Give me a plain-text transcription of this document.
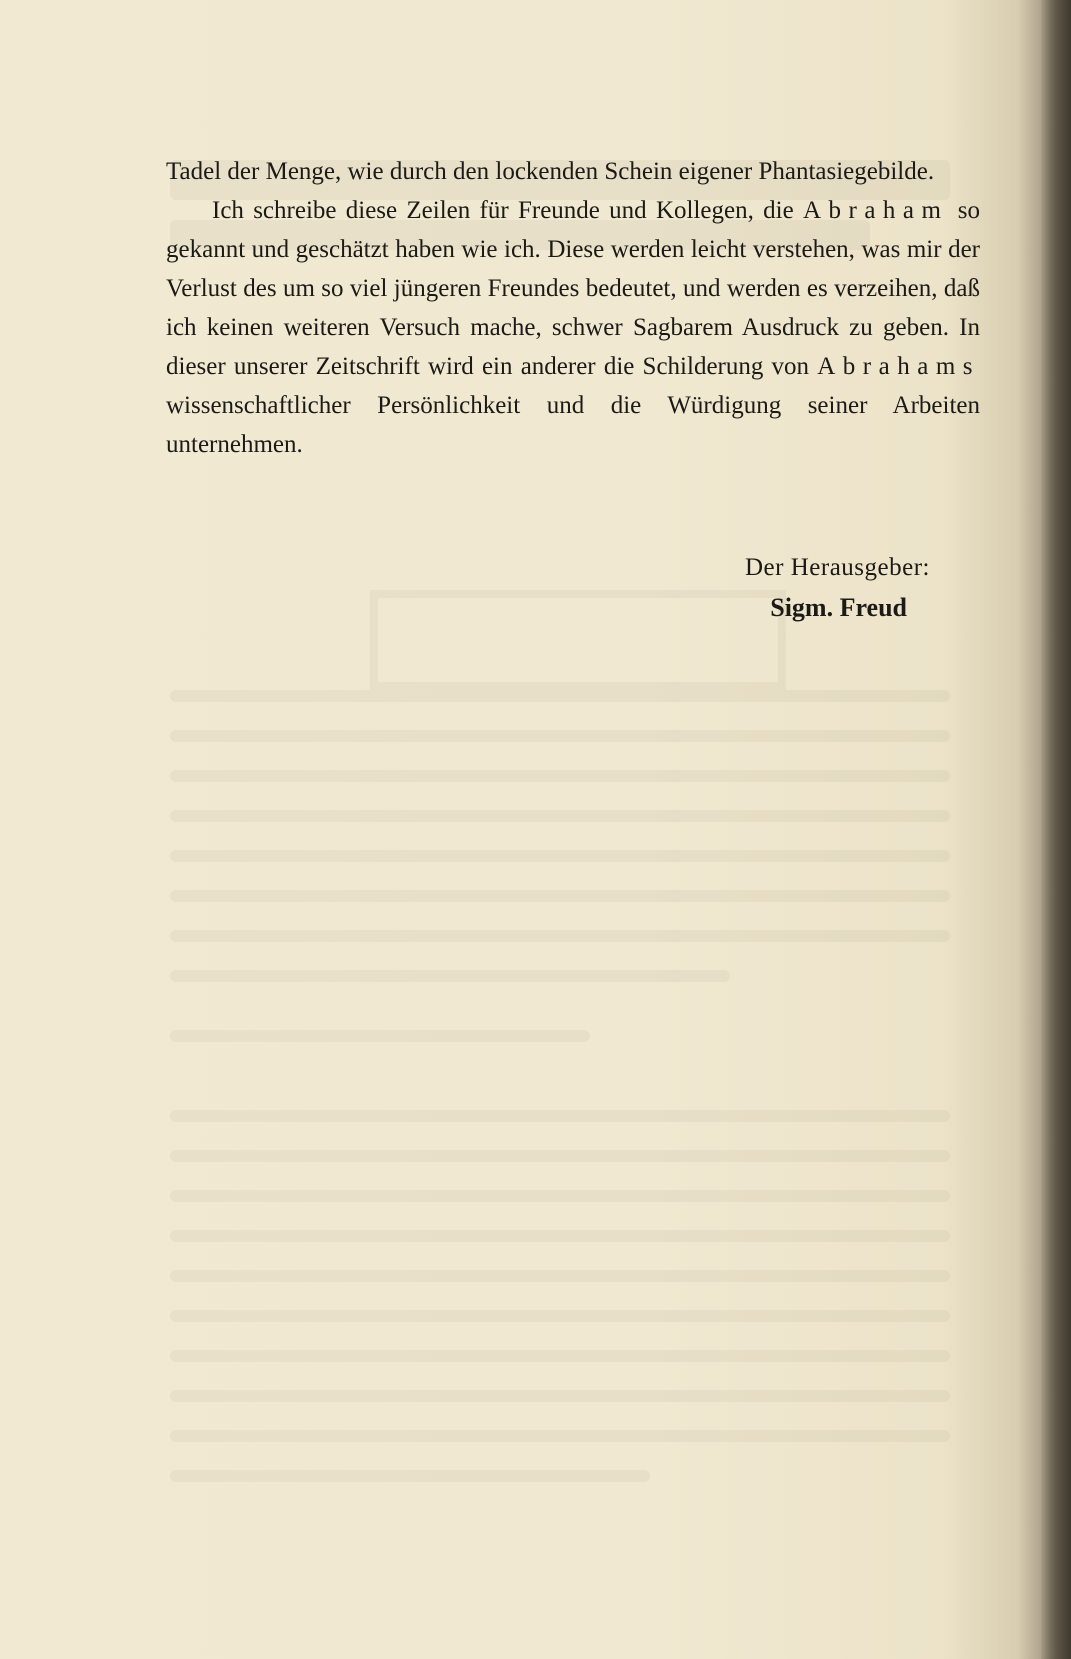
Tadel der Menge, wie durch den lockenden Schein eigener Phantasiegebilde.

Ich schreibe diese Zeilen für Freunde und Kollegen, die Abraham so gekannt und geschätzt haben wie ich. Diese werden leicht verstehen, was mir der Verlust des um so viel jüngeren Freundes bedeutet, und werden es verzeihen, daß ich keinen weiteren Versuch mache, schwer Sagbarem Ausdruck zu geben. In dieser unserer Zeitschrift wird ein anderer die Schilderung von Abrahams wissenschaftlicher Persönlichkeit und die Würdigung seiner Arbeiten unternehmen.

Der Herausgeber:
Sigm. Freud
